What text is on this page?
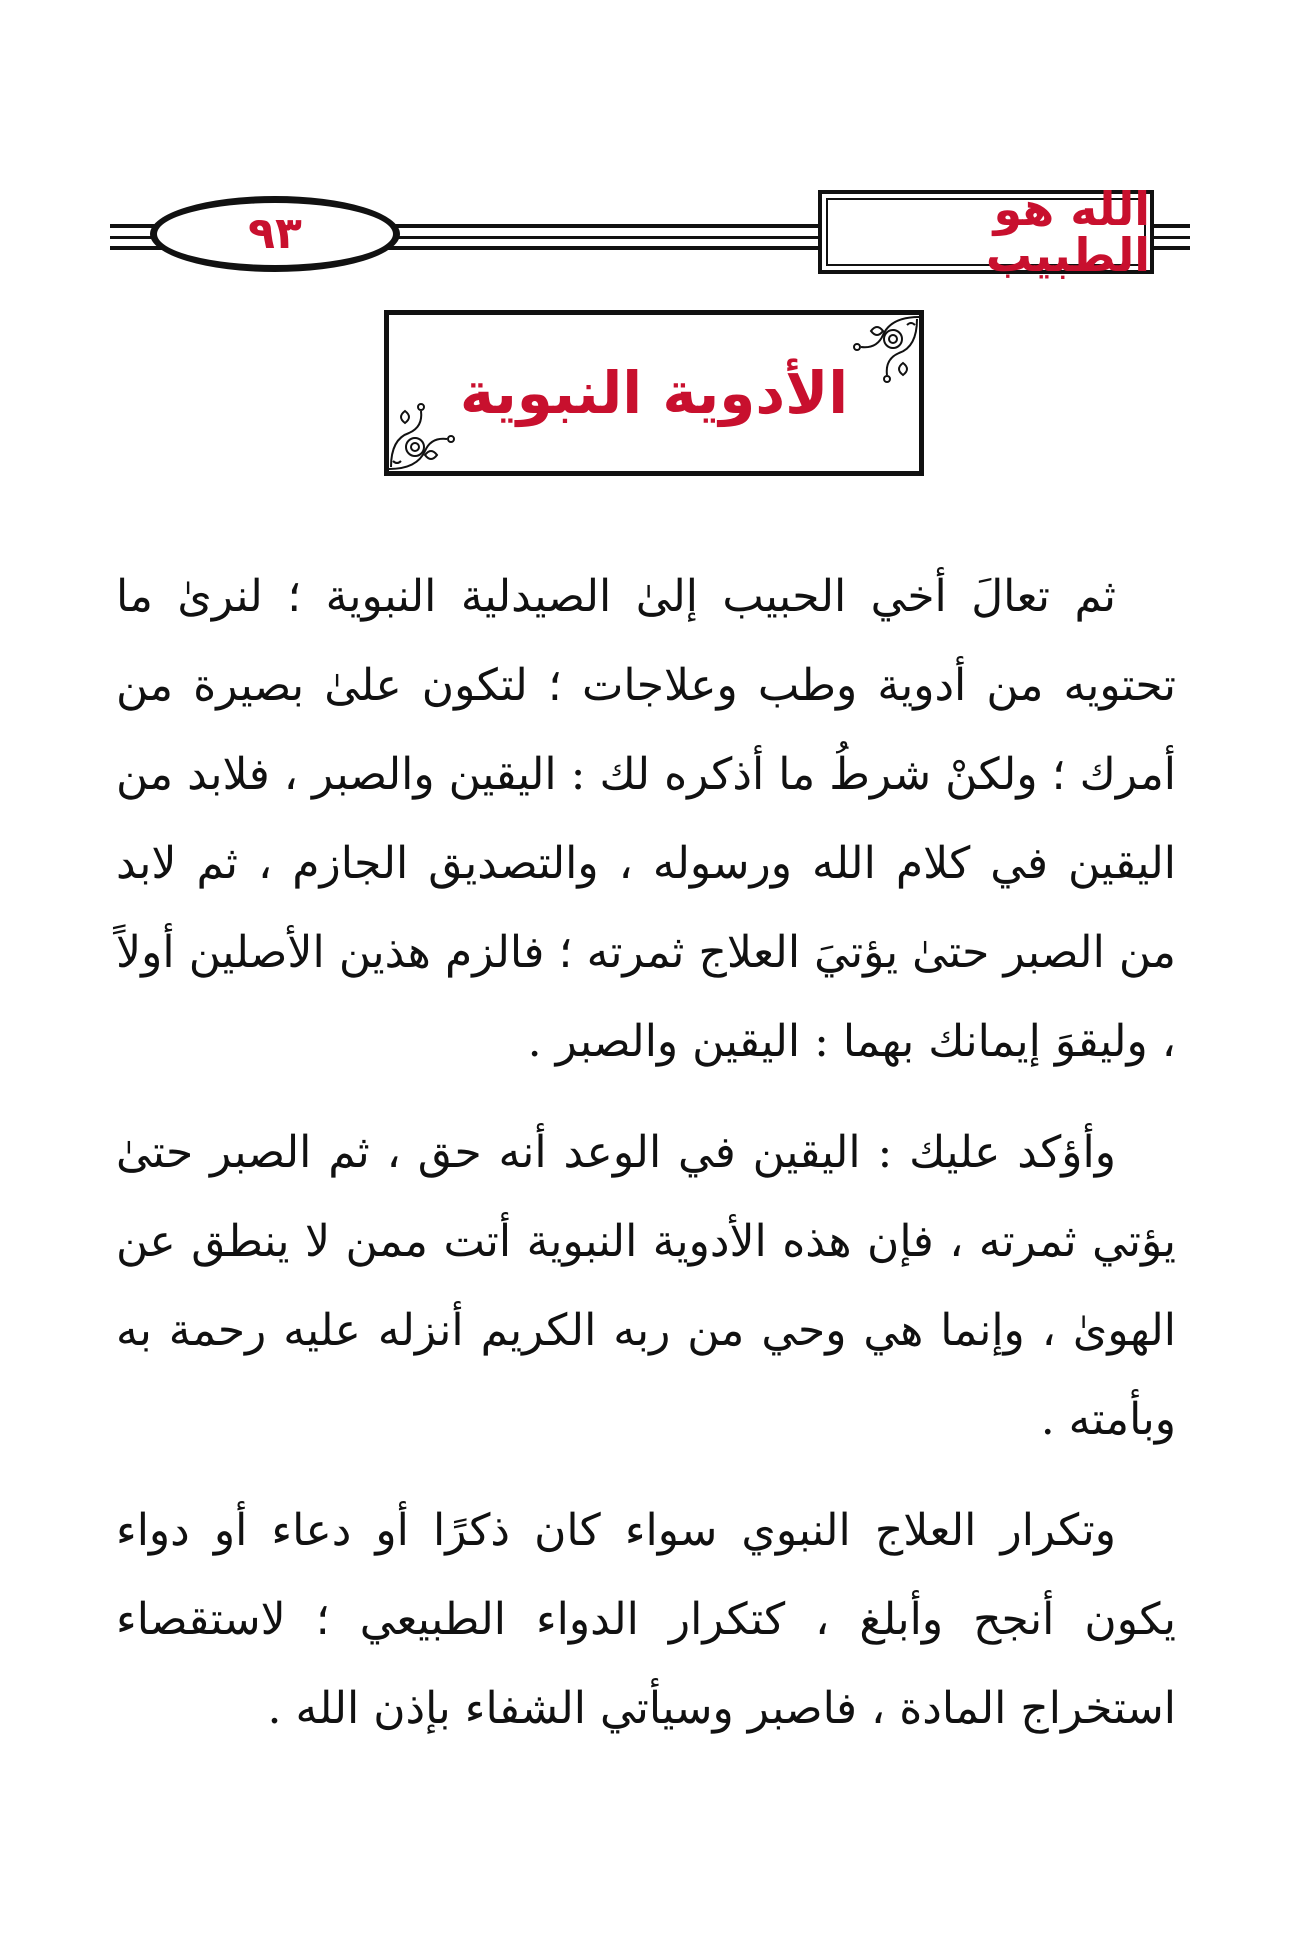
٩٣	الله هو الطبيب
الأدوية النبوية

ثم تعالَ أخي الحبيب إلىٰ الصيدلية النبوية ؛ لنرىٰ ما تحتويه من أدوية وطب وعلاجات ؛ لتكون علىٰ بصيرة من أمرك ؛ ولكنْ شرطُ ما أذكره لك : اليقين والصبر ، فلابد من اليقين في كلام الله ورسوله ، والتصديق الجازم ، ثم لابد من الصبر حتىٰ يؤتيَ العلاج ثمرته ؛ فالزم هذين الأصلين أولاً ، وليقوَ إيمانك بهما : اليقين والصبر .

وأؤكد عليك : اليقين في الوعد أنه حق ، ثم الصبر حتىٰ يؤتي ثمرته ، فإن هذه الأدوية النبوية أتت ممن لا ينطق عن الهوىٰ ، وإنما هي وحي من ربه الكريم أنزله عليه رحمة به وبأمته .

وتكرار العلاج النبوي سواء كان ذكرًا أو دعاء أو دواء يكون أنجح وأبلغ ، كتكرار الدواء الطبيعي ؛ لاستقصاء استخراج المادة ، فاصبر وسيأتي الشفاء بإذن الله .
